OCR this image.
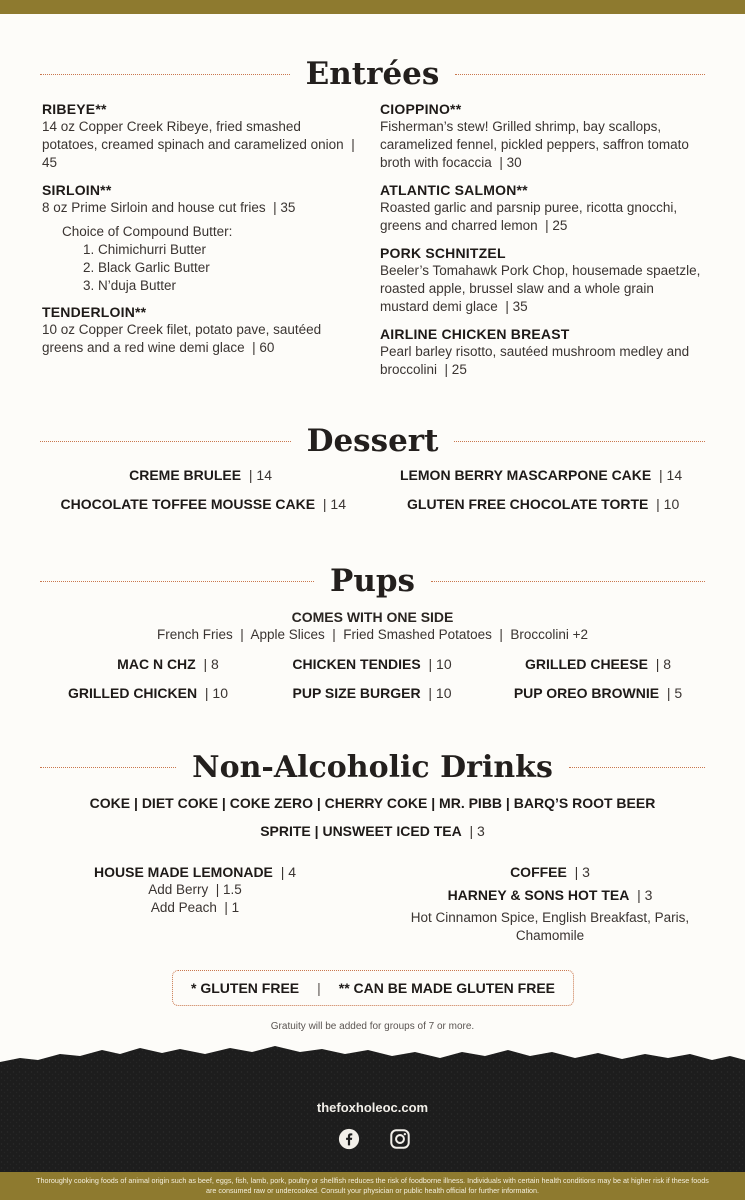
Entrées
RIBEYE**
14 oz Copper Creek Ribeye, fried smashed potatoes, creamed spinach and caramelized onion | 45
SIRLOIN**
8 oz Prime Sirloin and house cut fries | 35
Choice of Compound Butter:
1. Chimichurri Butter
2. Black Garlic Butter
3. N’duja Butter
TENDERLOIN**
10 oz Copper Creek filet, potato pave, sautéed greens and a red wine demi glace | 60
CIOPPINO**
Fisherman’s stew! Grilled shrimp, bay scallops, caramelized fennel, pickled peppers, saffron tomato broth with focaccia | 30
ATLANTIC SALMON**
Roasted garlic and parsnip puree, ricotta gnocchi, greens and charred lemon | 25
PORK SCHNITZEL
Beeler’s Tomahawk Pork Chop, housemade spaetzle, roasted apple, brussel slaw and a whole grain mustard demi glace | 35
AIRLINE CHICKEN BREAST
Pearl barley risotto, sautéed mushroom medley and broccolini | 25
Dessert
CREME BRULEE | 14	LEMON BERRY MASCARPONE CAKE | 14
CHOCOLATE TOFFEE MOUSSE CAKE | 14	GLUTEN FREE CHOCOLATE TORTE | 10
Pups
COMES WITH ONE SIDE
French Fries  |  Apple Slices  |  Fried Smashed Potatoes  |  Broccolini +2
MAC N CHZ | 8	CHICKEN TENDIES | 10	GRILLED CHEESE | 8
GRILLED CHICKEN | 10	PUP SIZE BURGER | 10	PUP OREO BROWNIE | 5
Non-Alcoholic Drinks
COKE | DIET COKE | COKE ZERO | CHERRY COKE | MR. PIBB | BARQ’S ROOT BEER
SPRITE | UNSWEET ICED TEA | 3
HOUSE MADE LEMONADE | 4
Add Berry  | 1.5
Add Peach  | 1
COFFEE | 3
HARNEY & SONS HOT TEA | 3
Hot Cinnamon Spice, English Breakfast, Paris, Chamomile
* GLUTEN FREE | ** CAN BE MADE GLUTEN FREE
Gratuity will be added for groups of 7 or more.
thefoxholeoc.com
Thoroughly cooking foods of animal origin such as beef, eggs, fish, lamb, pork, poultry or shellfish reduces the risk of foodborne illness. Individuals with certain health conditions may be at higher risk if these foods are consumed raw or undercooked. Consult your physician or public health official for further information.
